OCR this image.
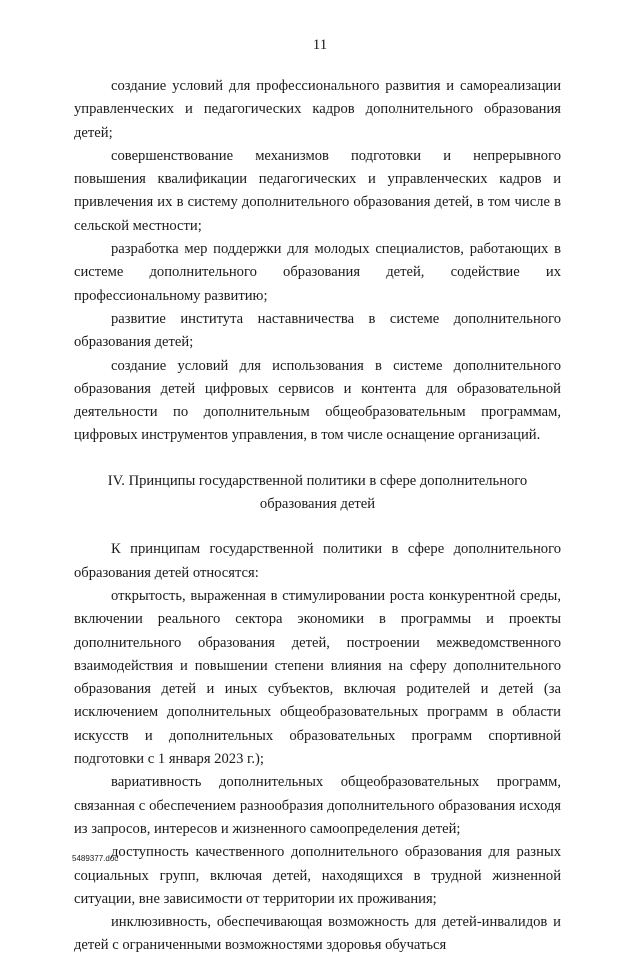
11

создание условий для профессионального развития и самореализации управленческих и педагогических кадров дополнительного образования детей;

совершенствование механизмов подготовки и непрерывного повышения квалификации педагогических и управленческих кадров и привлечения их в систему дополнительного образования детей, в том числе в сельской местности;

разработка мер поддержки для молодых специалистов, работающих в системе дополнительного образования детей, содействие их профессиональному развитию;

развитие института наставничества в системе дополнительного образования детей;

создание условий для использования в системе дополнительного образования детей цифровых сервисов и контента для образовательной деятельности по дополнительным общеобразовательным программам, цифровых инструментов управления, в том числе оснащение организаций.

IV. Принципы государственной политики в сфере дополнительного образования детей

К принципам государственной политики в сфере дополнительного образования детей относятся:

открытость, выраженная в стимулировании роста конкурентной среды, включении реального сектора экономики в программы и проекты дополнительного образования детей, построении межведомственного взаимодействия и повышении степени влияния на сферу дополнительного образования детей и иных субъектов, включая родителей и детей (за исключением дополнительных общеобразовательных программ в области искусств и дополнительных образовательных программ спортивной подготовки с 1 января 2023 г.);

вариативность дополнительных общеобразовательных программ, связанная с обеспечением разнообразия дополнительного образования исходя из запросов, интересов и жизненного самоопределения детей;

доступность качественного дополнительного образования для разных социальных групп, включая детей, находящихся в трудной жизненной ситуации, вне зависимости от территории их проживания;

инклюзивность, обеспечивающая возможность для детей-инвалидов и детей с ограниченными возможностями здоровья обучаться

5489377.doc
